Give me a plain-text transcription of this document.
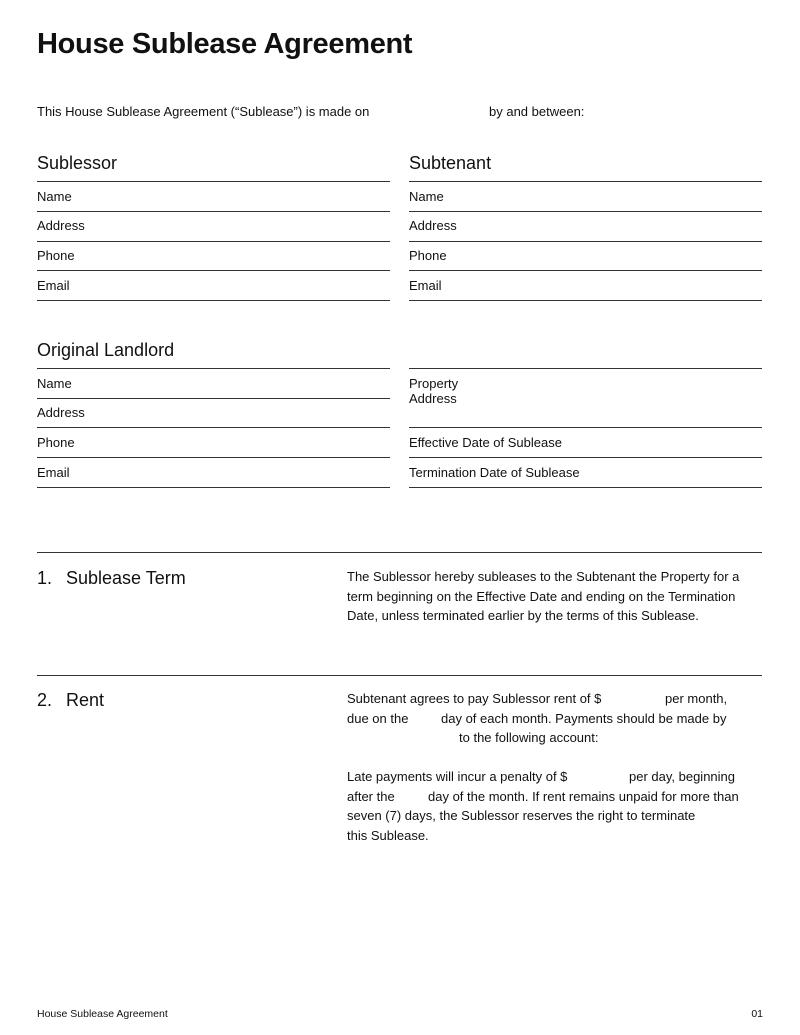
House Sublease Agreement
This House Sublease Agreement (“Sublease”) is made on	by and between:
Sublessor
Name
Address
Phone
Email
Subtenant
Name
Address
Phone
Email
Original Landlord
Name
Address
Phone
Email
Property
Address
Effective Date of Sublease
Termination Date of Sublease
1. Sublease Term	The Sublessor hereby subleases to the Subtenant the Property for a
term beginning on the Effective Date and ending on the Termination
Date, unless terminated earlier by the terms of this Sublease.
2. Rent	Subtenant agrees to pay Sublessor rent of $	per month,
due on the	day of each month. Payments should be made by
to the following account:
Late payments will incur a penalty of $	per day, beginning
after the	day of the month. If rent remains unpaid for more than
seven (7) days, the Sublessor reserves the right to terminate
this Sublease.
House Sublease Agreement	01
